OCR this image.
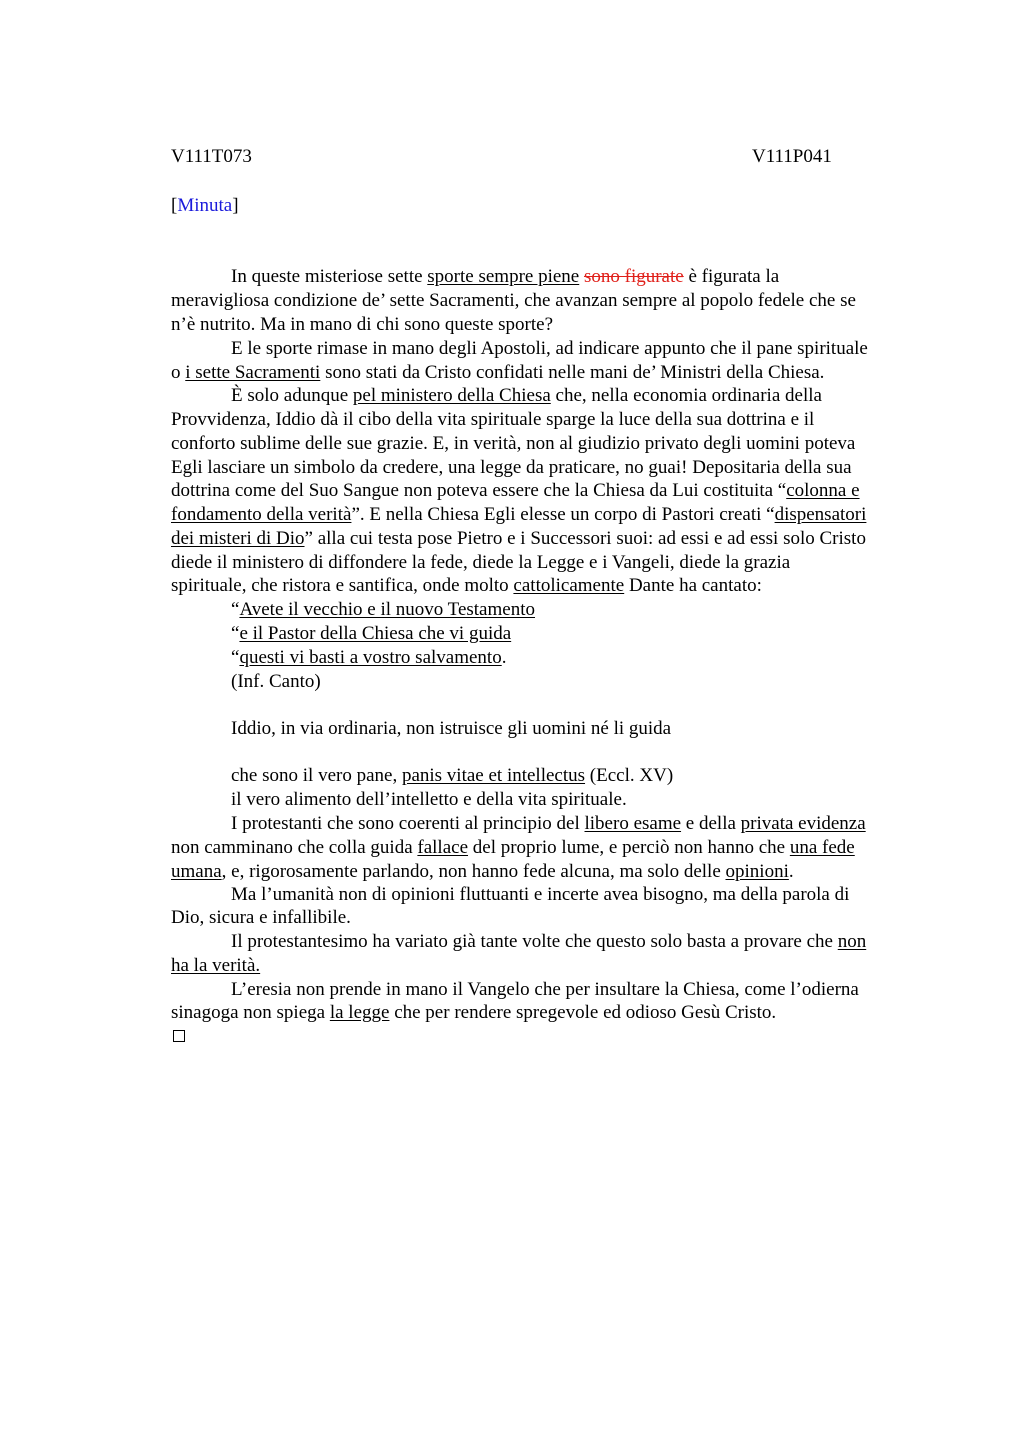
V111T073	V111P041
[Minuta]
In queste misteriose sette sporte sempre piene sono figurate è figurata la
meravigliosa condizione de’ sette Sacramenti, che avanzan sempre al popolo fedele che se
n’è nutrito. Ma in mano di chi sono queste sporte?
E le sporte rimase in mano degli Apostoli, ad indicare appunto che il pane spirituale
o i sette Sacramenti sono stati da Cristo confidati nelle mani de’ Ministri della Chiesa.
È solo adunque pel ministero della Chiesa che, nella economia ordinaria della
Provvidenza, Iddio dà il cibo della vita spirituale sparge la luce della sua dottrina e il
conforto sublime delle sue grazie. E, in verità, non al giudizio privato degli uomini poteva
Egli lasciare un simbolo da credere, una legge da praticare, no guai! Depositaria della sua
dottrina come del Suo Sangue non poteva essere che la Chiesa da Lui costituita “colonna e
fondamento della verità”. E nella Chiesa Egli elesse un corpo di Pastori creati “dispensatori
dei misteri di Dio” alla cui testa pose Pietro e i Successori suoi: ad essi e ad essi solo Cristo
diede il ministero di diffondere la fede, diede la Legge e i Vangeli, diede la grazia
spirituale, che ristora e santifica, onde molto cattolicamente Dante ha cantato:
“Avete il vecchio e il nuovo Testamento
“e il Pastor della Chiesa che vi guida
“questi vi basti a vostro salvamento.
(Inf. Canto)
Iddio, in via ordinaria, non istruisce gli uomini né li guida
che sono il vero pane, panis vitae et intellectus (Eccl. XV)
il vero alimento dell’intelletto e della vita spirituale.
I protestanti che sono coerenti al principio del libero esame e della privata evidenza
non camminano che colla guida fallace del proprio lume, e perciò non hanno che una fede
umana, e, rigorosamente parlando, non hanno fede alcuna, ma solo delle opinioni.
Ma l’umanità non di opinioni fluttuanti e incerte avea bisogno, ma della parola di
Dio, sicura e infallibile.
Il protestantesimo ha variato già tante volte che questo solo basta a provare che non
ha la verità.
L’eresia non prende in mano il Vangelo che per insultare la Chiesa, come l’odierna
sinagoga non spiega la legge che per rendere spregevole ed odioso Gesù Cristo.
